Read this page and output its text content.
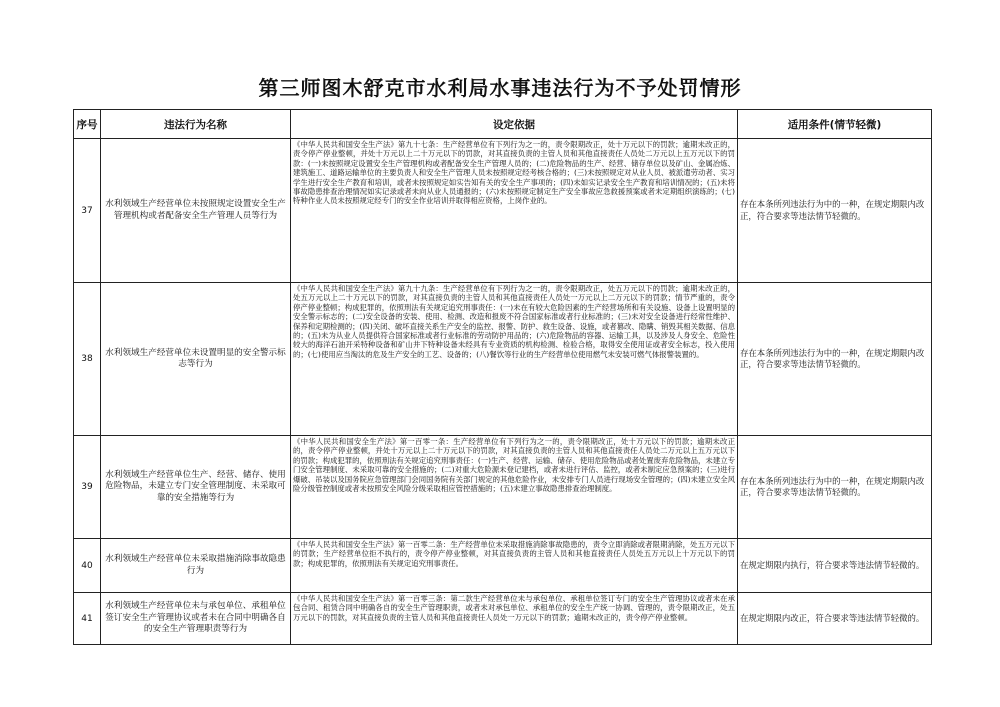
第三师图木舒克市水利局水事违法行为不予处罚情形
序号	违法行为名称	设定依据	适用条件(情节轻微)
37	水利领域生产经营单位未按照规定设置安全生产管理机构或者配备安全生产管理人员等行为	《中华人民共和国安全生产法》第九十七条：生产经营单位有下列行为之一的，责令限期改正，处十万元以下的罚款；逾期未改正的，责令停产停业整顿，并处十万元以上二十万元以下的罚款，对其直接负责的主管人员和其他直接责任人员处二万元以上五万元以下的罚款：(一)未按照规定设置安全生产管理机构或者配备安全生产管理人员的；(二)危险物品的生产、经营、储存单位以及矿山、金属冶炼、建筑施工、道路运输单位的主要负责人和安全生产管理人员未按照规定经考核合格的；(三)未按照规定对从业人员、被派遣劳动者、实习学生进行安全生产教育和培训，或者未按照规定如实告知有关的安全生产事项的；(四)未如实记录安全生产教育和培训情况的；(五)未将事故隐患排查治理情况如实记录或者未向从业人员通报的；(六)未按照规定制定生产安全事故应急救援预案或者未定期组织演练的；(七)特种作业人员未按照规定经专门的安全作业培训并取得相应资格，上岗作业的。	存在本条所列违法行为中的一种，在规定期限内改正，符合要求等违法情节轻微的。
38	水利领域生产经营单位未设置明显的安全警示标志等行为	《中华人民共和国安全生产法》第九十九条：生产经营单位有下列行为之一的，责令限期改正，处五万元以下的罚款；逾期未改正的，处五万元以上二十万元以下的罚款，对其直接负责的主管人员和其他直接责任人员处一万元以上二万元以下的罚款；情节严重的，责令停产停业整顿；构成犯罪的，依照刑法有关规定追究刑事责任：(一)未在有较大危险因素的生产经营场所和有关设施、设备上设置明显的安全警示标志的；(二)安全设备的安装、使用、检测、改造和报废不符合国家标准或者行业标准的；(三)未对安全设备进行经常性维护、保养和定期检测的；(四)关闭、破坏直接关系生产安全的监控、报警、防护、救生设备、设施，或者篡改、隐瞒、销毁其相关数据、信息的；(五)未为从业人员提供符合国家标准或者行业标准的劳动防护用品的；(六)危险物品的容器、运输工具，以及涉及人身安全、危险性较大的海洋石油开采特种设备和矿山井下特种设备未经具有专业资质的机构检测、检验合格，取得安全使用证或者安全标志，投入使用的；(七)使用应当淘汰的危及生产安全的工艺、设备的；(八)餐饮等行业的生产经营单位使用燃气未安装可燃气体报警装置的。	存在本条所列违法行为中的一种，在规定期限内改正，符合要求等违法情节轻微的。
39	水利领域生产经营单位生产、经营、储存、使用危险物品，未建立专门安全管理制度、未采取可靠的安全措施等行为	《中华人民共和国安全生产法》第一百零一条：生产经营单位有下列行为之一的，责令限期改正，处十万元以下的罚款；逾期未改正的，责令停产停业整顿，并处十万元以上二十万元以下的罚款，对其直接负责的主管人员和其他直接责任人员处二万元以上五万元以下的罚款；构成犯罪的，依照刑法有关规定追究刑事责任：(一)生产、经营、运输、储存、使用危险物品或者处置废弃危险物品，未建立专门安全管理制度、未采取可靠的安全措施的；(二)对重大危险源未登记建档，或者未进行评估、监控，或者未制定应急预案的；(三)进行爆破、吊装以及国务院应急管理部门会同国务院有关部门规定的其他危险作业，未安排专门人员进行现场安全管理的；(四)未建立安全风险分级管控制度或者未按照安全风险分级采取相应管控措施的；(五)未建立事故隐患排查治理制度。	存在本条所列违法行为中的一种，在规定期限内改正，符合要求等违法情节轻微的。
40	水利领域生产经营单位未采取措施消除事故隐患行为	《中华人民共和国安全生产法》第一百零二条：生产经营单位未采取措施消除事故隐患的，责令立即消除或者限期消除，处五万元以下的罚款；生产经营单位拒不执行的，责令停产停业整顿，对其直接负责的主管人员和其他直接责任人员处五万元以上十万元以下的罚款；构成犯罪的，依照刑法有关规定追究刑事责任。	在规定期限内执行，符合要求等违法情节轻微的。
41	水利领域生产经营单位未与承包单位、承租单位签订安全生产管理协议或者未在合同中明确各自的安全生产管理职责等行为	《中华人民共和国安全生产法》第一百零三条：第二款生产经营单位未与承包单位、承租单位签订专门的安全生产管理协议或者未在承包合同、租赁合同中明确各自的安全生产管理职责，或者未对承包单位、承租单位的安全生产统一协调、管理的，责令限期改正，处五万元以下的罚款，对其直接负责的主管人员和其他直接责任人员处一万元以下的罚款；逾期未改正的，责令停产停业整顿。	在规定期限内改正，符合要求等违法情节轻微的。
